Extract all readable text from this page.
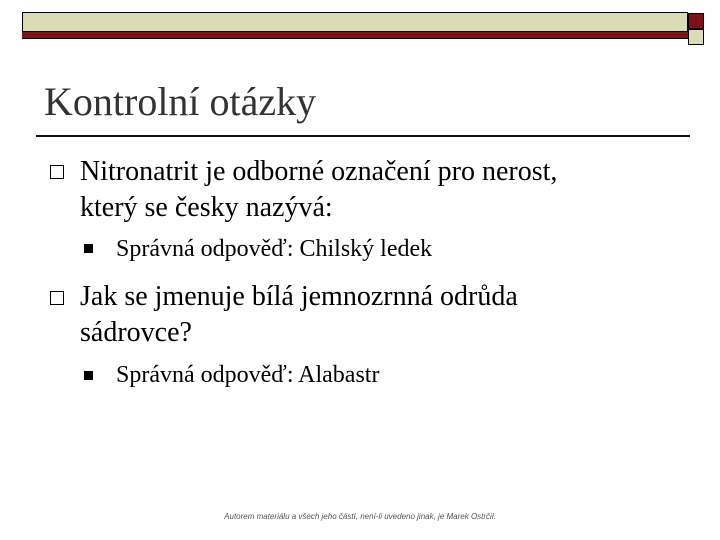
Kontrolní otázky
Nitronatrit je odborné označení pro nerost,
který se česky nazývá:
Správná odpověď: Chilský ledek
Jak se jmenuje bílá jemnozrnná odrůda
sádrovce?
Správná odpověď: Alabastr
Autorem materiálu a všech jeho částí, není-li uvedeno jinak, je Marek Ostrčil.
